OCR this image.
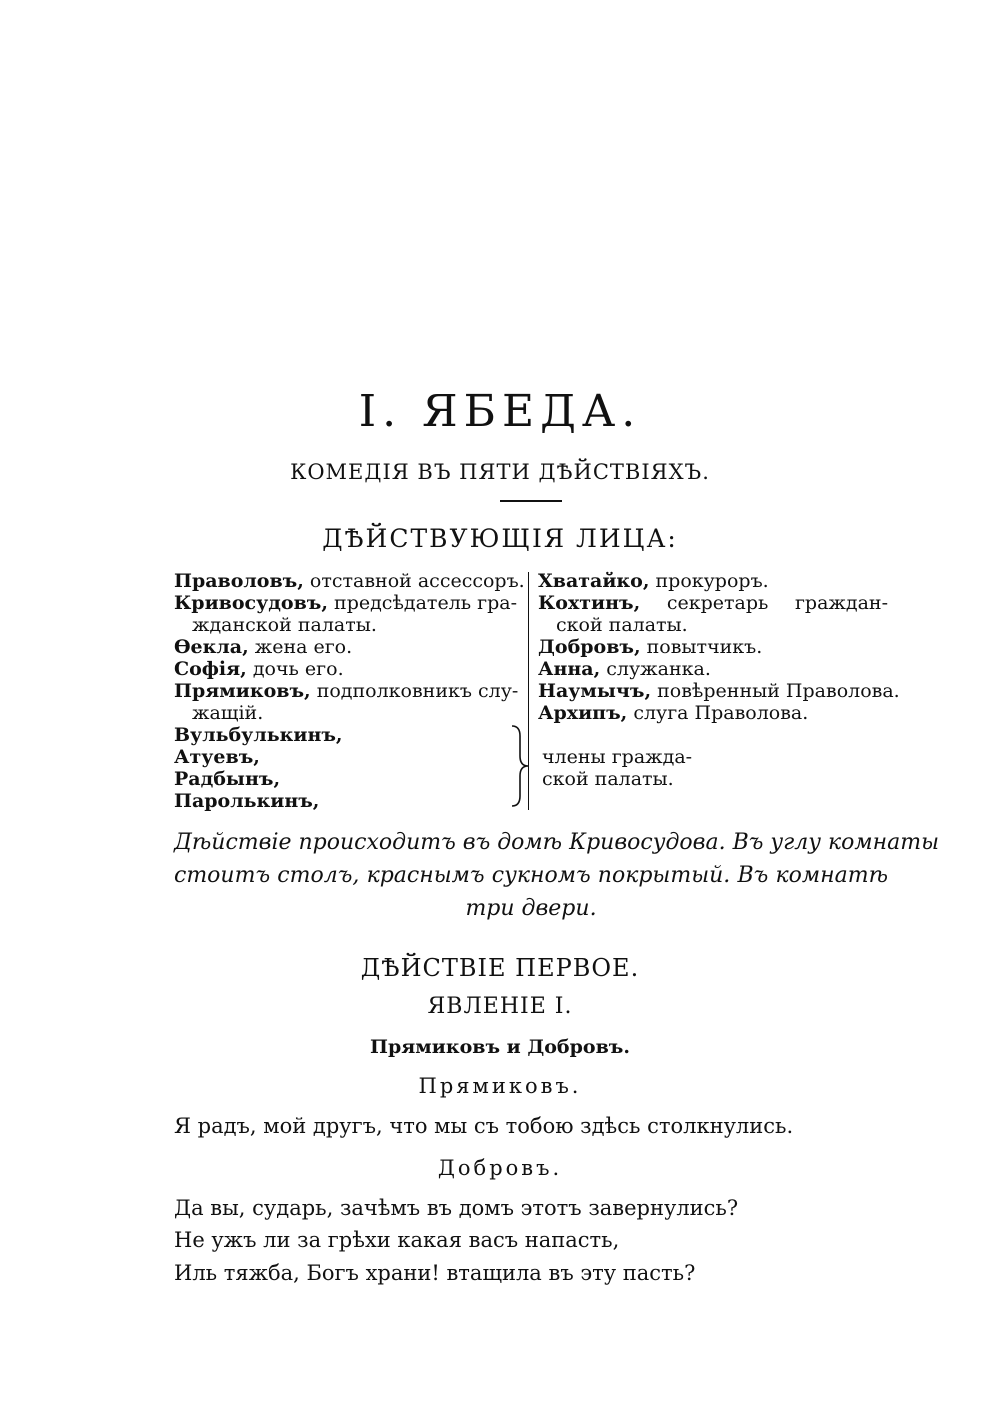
I. ЯБЕДА.
КОМЕДІЯ ВЪ ПЯТИ ДѢЙСТВІЯХЪ.
ДѢЙСТВУЮЩІЯ ЛИЦА:
Праволовъ, отставной ассессоръ.
Кривосудовъ, предсѣдатель гра-
жданской палаты.
Ѳекла, жена его.
Софія, дочь его.
Прямиковъ, подполковникъ слу-
жащій.
Вульбулькинъ,
Атуевъ,
Радбынъ,
Паролькинъ,
члены гражда-
ской палаты.
Хватайко, прокуроръ.
Кохтинъ, секретарь граждан-
ской палаты.
Добровъ, повытчикъ.
Анна, служанка.
Наумычъ, повѣренный Праволова.
Архипъ, слуга Праволова.
Дѣйствіе происходитъ въ домѣ Кривосудова. Въ углу комнаты
стоитъ столъ, краснымъ сукномъ покрытый. Въ комнатѣ
три двери.
ДѢЙСТВІЕ ПЕРВОЕ.
ЯВЛЕНІЕ I.
Прямиковъ и Добровъ.
Прямиковъ.
Я радъ, мой другъ, что мы съ тобою здѣсь столкнулись.
Добровъ.
Да вы, сударь, зачѣмъ въ домъ этотъ завернулись?
Не ужъ ли за грѣхи какая васъ напасть,
Иль тяжба, Богъ храни! втащила въ эту пасть?
